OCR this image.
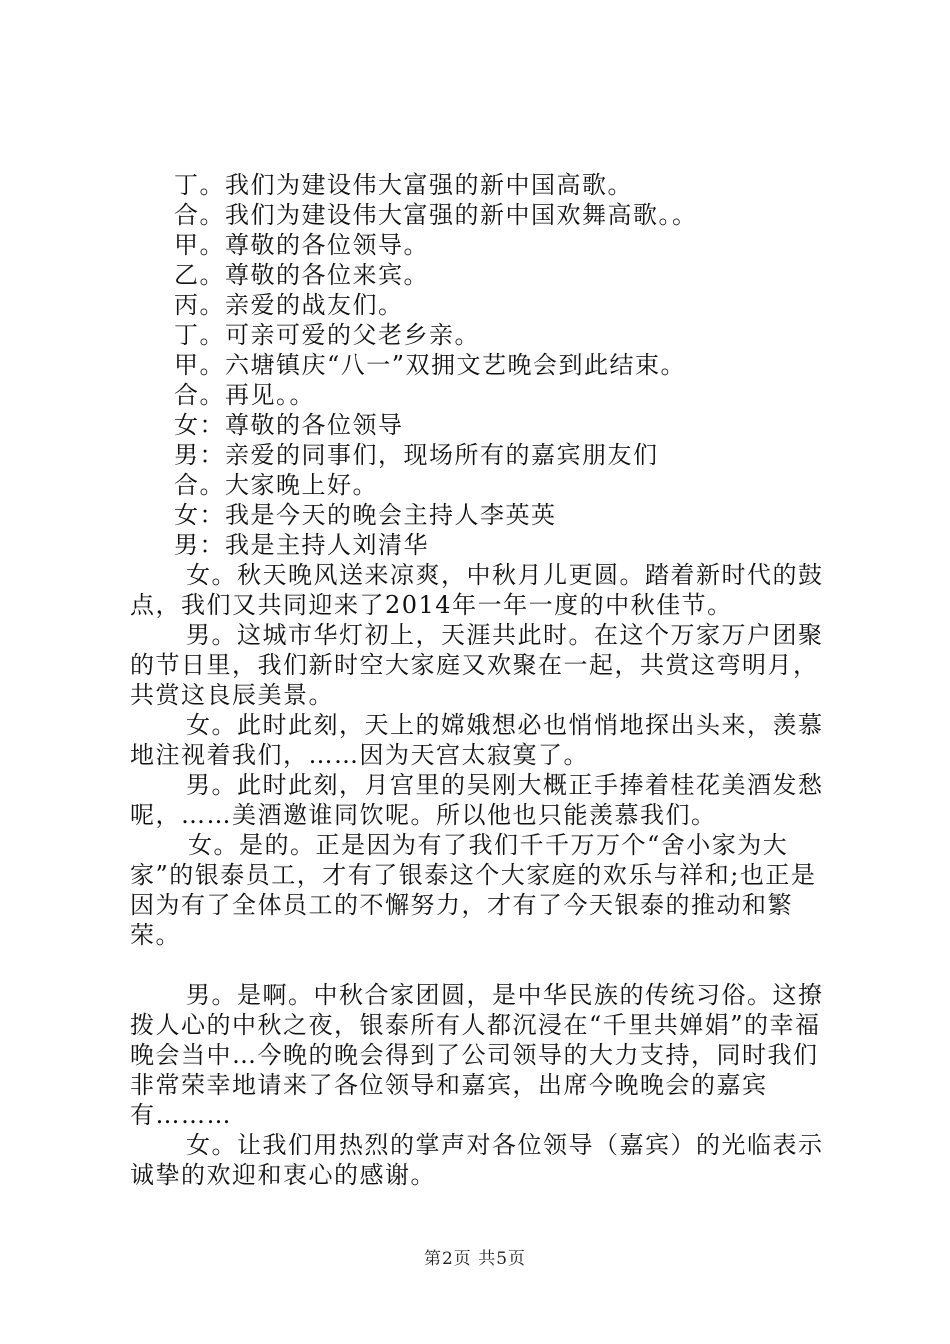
丁。我们为建设伟大富强的新中国高歌。

合。我们为建设伟大富强的新中国欢舞高歌。。

甲。尊敬的各位领导。

乙。尊敬的各位来宾。

丙。亲爱的战友们。

丁。可亲可爱的父老乡亲。

甲。六塘镇庆“八一”双拥文艺晚会到此结束。

合。再见。。

女：尊敬的各位领导

男：亲爱的同事们，现场所有的嘉宾朋友们

合。大家晚上好。

女：我是今天的晚会主持人李英英

男：我是主持人刘清华

女。秋天晚风送来凉爽，中秋月儿更圆。踏着新时代的鼓点，我们又共同迎来了2014年一年一度的中秋佳节。

男。这城市华灯初上，天涯共此时。在这个万家万户团聚的节日里，我们新时空大家庭又欢聚在一起，共赏这弯明月，共赏这良辰美景。

女。此时此刻，天上的嫦娥想必也悄悄地探出头来，羡慕地注视着我们，……因为天宫太寂寞了。

男。此时此刻，月宫里的吴刚大概正手捧着桂花美酒发愁呢，……美酒邀谁同饮呢。所以他也只能羡慕我们。

女。是的。正是因为有了我们千千万万个“舍小家为大家”的银泰员工，才有了银泰这个大家庭的欢乐与祥和;也正是因为有了全体员工的不懈努力，才有了今天银泰的推动和繁荣。

男。是啊。中秋合家团圆，是中华民族的传统习俗。这撩拨人心的中秋之夜，银泰所有人都沉浸在“千里共婵娟”的幸福晚会当中…今晚的晚会得到了公司领导的大力支持，同时我们非常荣幸地请来了各位领导和嘉宾，出席今晚晚会的嘉宾有………

女。让我们用热烈的掌声对各位领导（嘉宾）的光临表示诚挚的欢迎和衷心的感谢。

第2页 共5页
